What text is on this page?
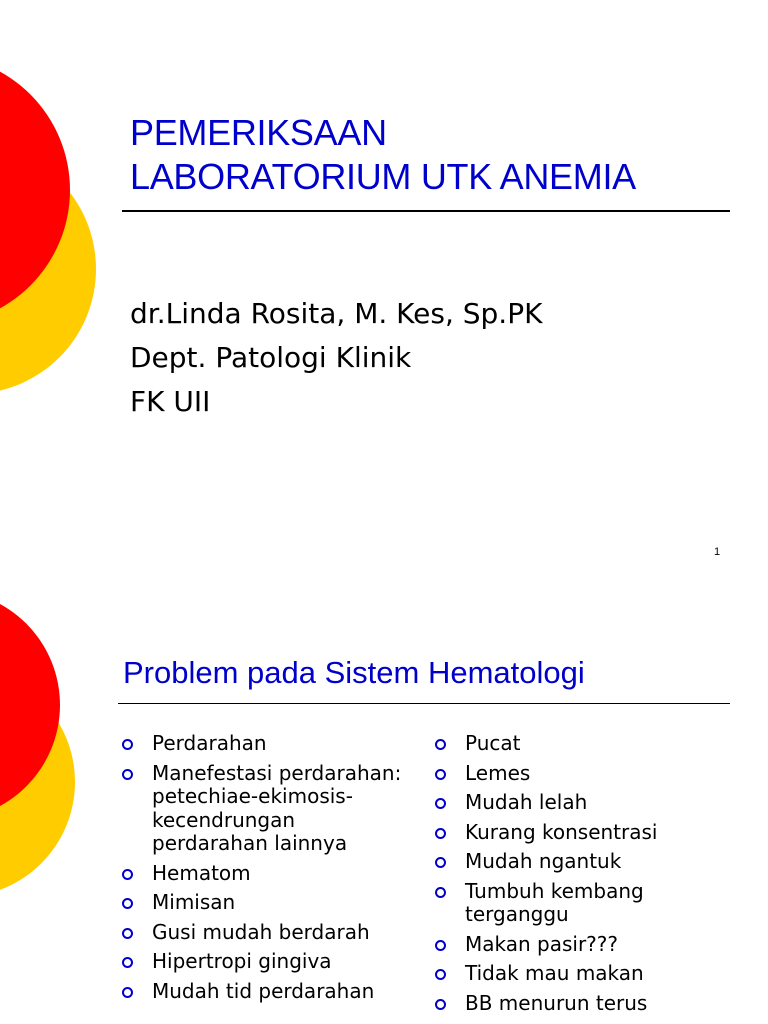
PEMERIKSAAN
LABORATORIUM UTK ANEMIA
dr.Linda Rosita, M. Kes, Sp.PK
Dept. Patologi Klinik
FK UII
1
Problem pada Sistem Hematologi
Perdarahan
Manefestasi perdarahan: petechiae-ekimosis-kecendrungan perdarahan lainnya
Hematom
Mimisan
Gusi mudah berdarah
Hipertropi gingiva
Mudah tid perdarahan
Pucat
Lemes
Mudah lelah
Kurang konsentrasi
Mudah ngantuk
Tumbuh kembang terganggu
Makan pasir???
Tidak mau makan
BB menurun terus
